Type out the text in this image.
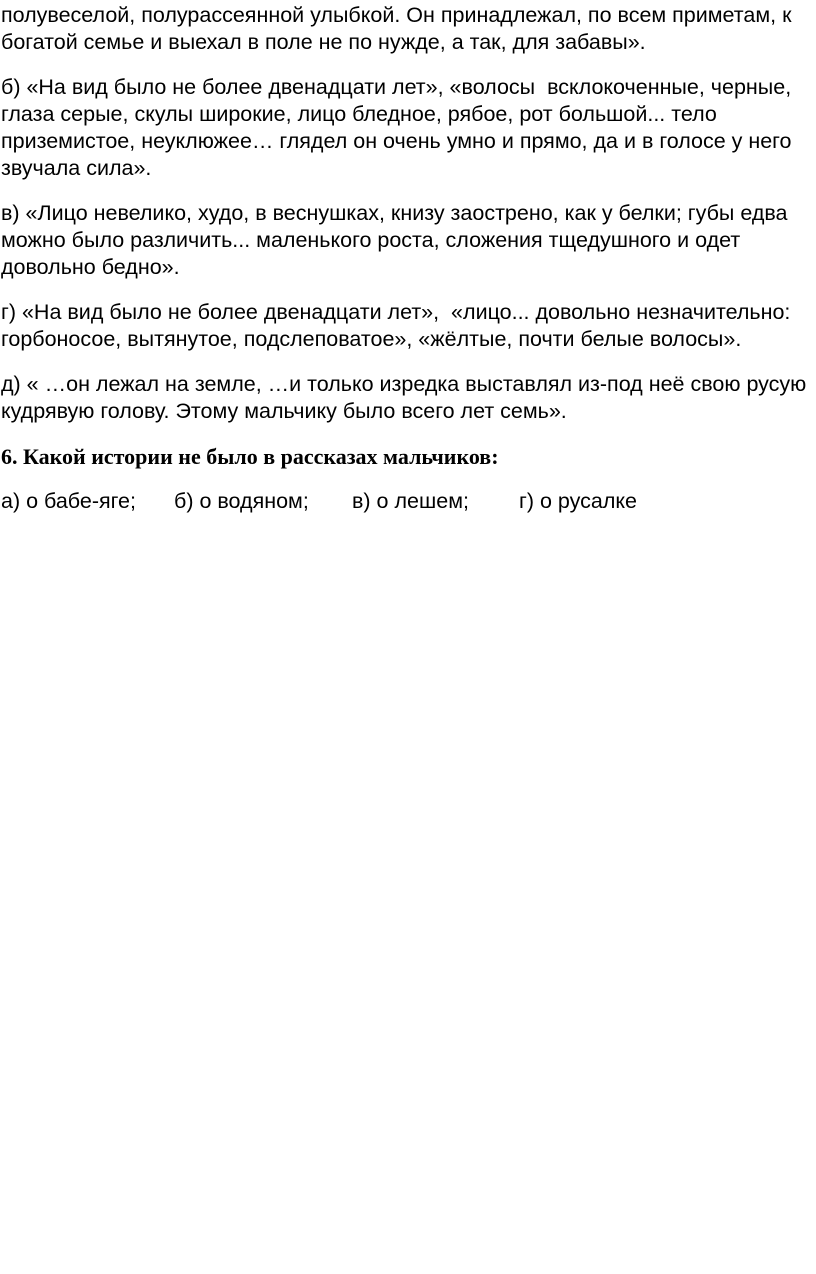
полувеселой, полурассеянной улыбкой. Он принадлежал, по всем приметам, к богатой семье и выехал в поле не по нужде, а так, для забавы».

б) «На вид было не более двенадцати лет», «волосы  всклокоченные, черные, глаза серые, скулы широкие, лицо бледное, рябое, рот большой... тело приземистое, неуклюжее… глядел он очень умно и прямо, да и в голосе у него звучала сила».

в) «Лицо невелико, худо, в веснушках, книзу заострено, как у белки; губы едва можно было различить... маленького роста, сложения тщедушного и одет довольно бедно».

г) «На вид было не более двенадцати лет»,  «лицо... довольно незначительно: горбоносое, вытянутое, подслеповатое», «жёлтые, почти белые волосы».

д) « …он лежал на земле, …и только изредка выставлял из-под неё свою русую кудрявую голову. Этому мальчику было всего лет семь».

6. Какой истории не было в рассказах мальчиков:
а) о бабе-яге;	б) о водяном;	в) о лешем;	г) о русалке
